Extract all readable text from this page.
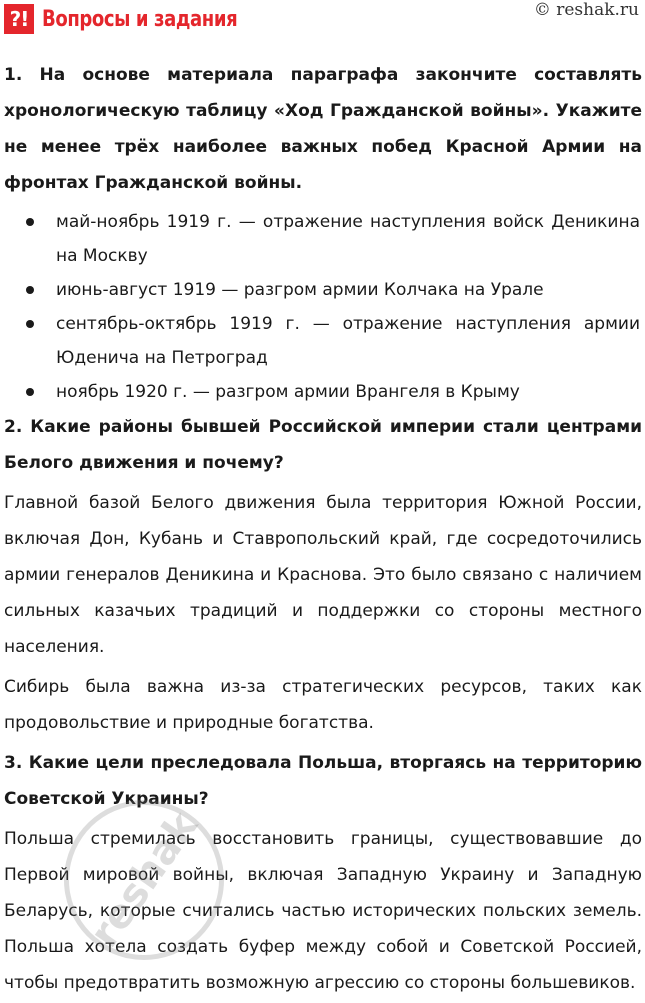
?! Вопросы и задания	© reshak.ru

1. На основе материала параграфа закончите составлять хронологическую таблицу «Ход Гражданской войны». Укажите не менее трёх наиболее важных побед Красной Армии на фронтах Гражданской войны.

май-ноябрь 1919 г. — отражение наступления войск Деникина на Москву
июнь-август 1919 — разгром армии Колчака на Урале
сентябрь-октябрь 1919 г. — отражение наступления армии Юденича на Петроград
ноябрь 1920 г. — разгром армии Врангеля в Крыму

2. Какие районы бывшей Российской империи стали центрами Белого движения и почему?

Главной базой Белого движения была территория Южной России, включая Дон, Кубань и Ставропольский край, где сосредоточились армии генералов Деникина и Краснова. Это было связано с наличием сильных казачьих традиций и поддержки со стороны местного населения.

Сибирь была важна из-за стратегических ресурсов, таких как продовольствие и природные богатства.

3. Какие цели преследовала Польша, вторгаясь на территорию Советской Украины?

Польша стремилась восстановить границы, существовавшие до Первой мировой войны, включая Западную Украину и Западную Беларусь, которые считались частью исторических польских земель. Польша хотела создать буфер между собой и Советской Россией, чтобы предотвратить возможную агрессию со стороны большевиков.

reshak
